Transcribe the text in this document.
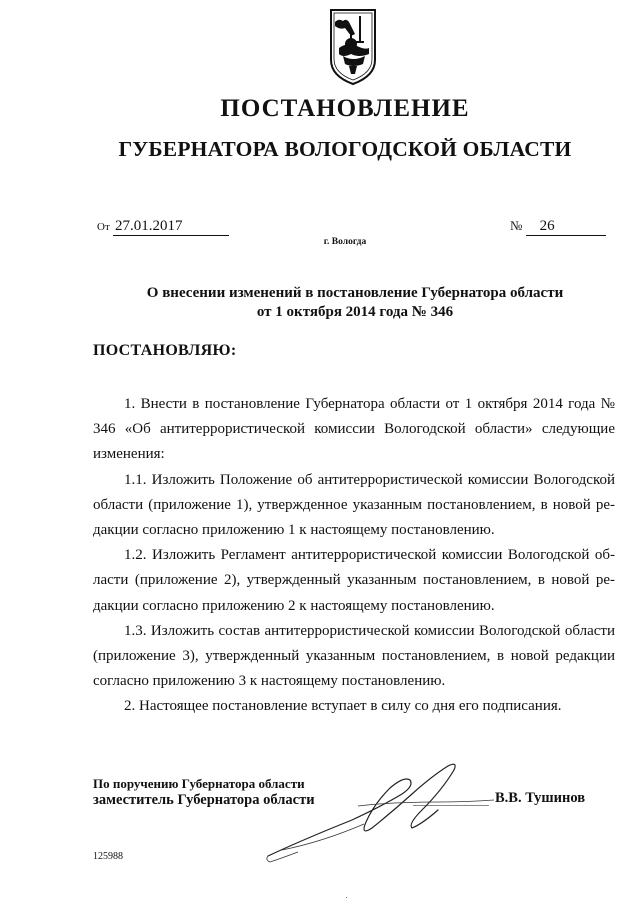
ПОСТАНОВЛЕНИЕ
ГУБЕРНАТОРА ВОЛОГОДСКОЙ ОБЛАСТИ
От 27.01.2017	№ 26
г. Вологда
О внесении изменений в постановление Губернатора области
от 1 октября 2014 года № 346
ПОСТАНОВЛЯЮ:

1. Внести в постановление Губернатора области от 1 октября 2014 года № 346 «Об антитеррористической комиссии Вологодской области» следующие изменения:

1.1. Изложить Положение об антитеррористической комиссии Вологодской области (приложение 1), утвержденное указанным постановлением, в новой редакции согласно приложению 1 к настоящему постановлению.

1.2. Изложить Регламент антитеррористической комиссии Вологодской области (приложение 2), утвержденный указанным постановлением, в новой редакции согласно приложению 2 к настоящему постановлению.

1.3. Изложить состав антитеррористической комиссии Вологодской области (приложение 3), утвержденный указанным постановлением, в новой редакции согласно приложению 3 к настоящему постановлению.

2. Настоящее постановление вступает в силу со дня его подписания.

По поручению Губернатора области
заместитель Губернатора области	В.В. Тушинов
125988
